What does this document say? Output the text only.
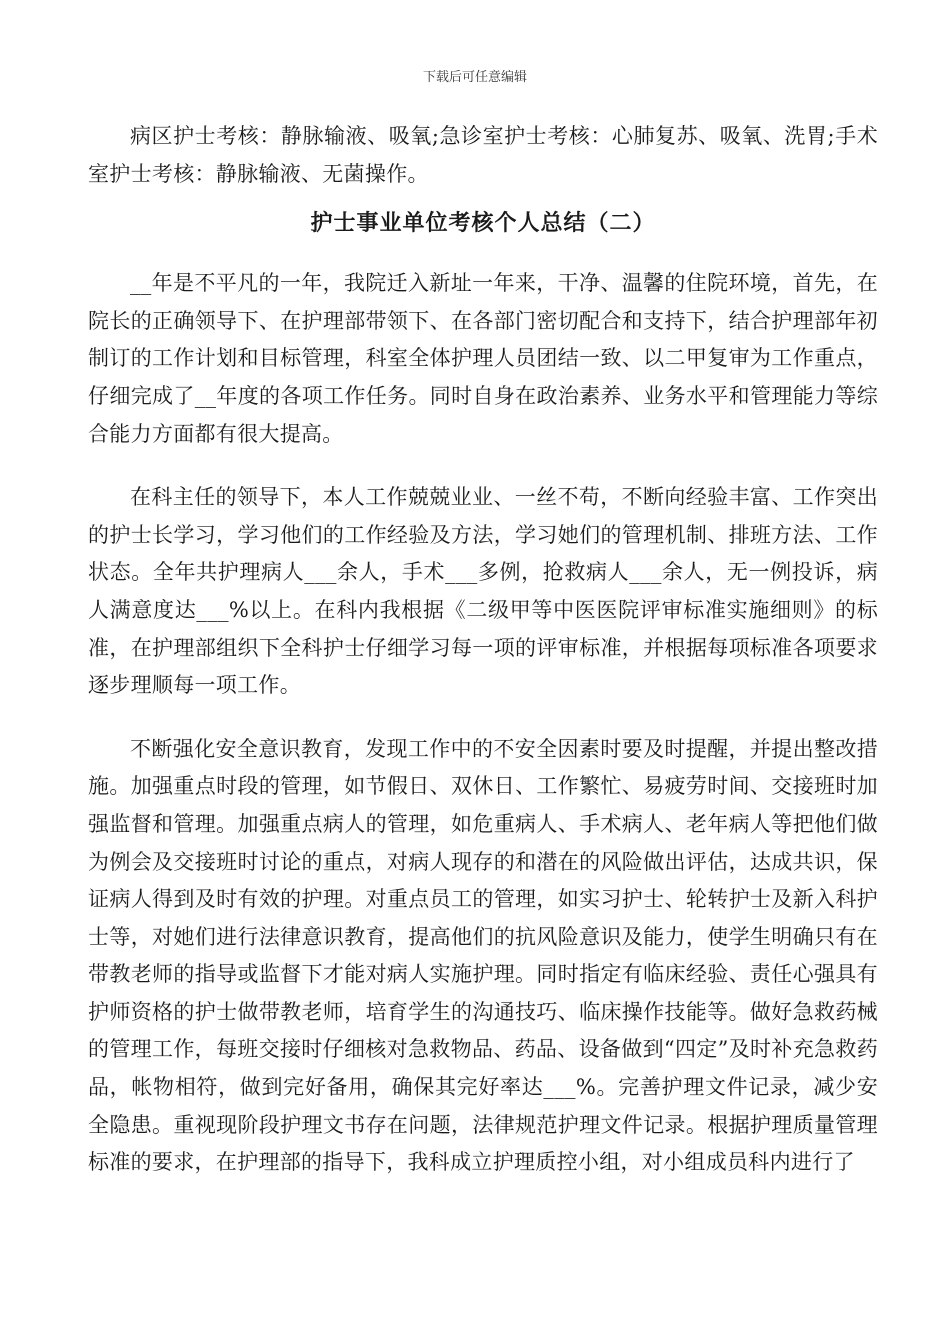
下载后可任意编辑

病区护士考核：静脉输液、吸氧;急诊室护士考核：心肺复苏、吸氧、洗胃;手术室护士考核：静脉输液、无菌操作。

护士事业单位考核个人总结（二）

__年是不平凡的一年，我院迁入新址一年来，干净、温馨的住院环境，首先，在院长的正确领导下、在护理部带领下、在各部门密切配合和支持下，结合护理部年初制订的工作计划和目标管理，科室全体护理人员团结一致、以二甲复审为工作重点，仔细完成了__年度的各项工作任务。同时自身在政治素养、业务水平和管理能力等综合能力方面都有很大提高。

在科主任的领导下，本人工作兢兢业业、一丝不苟，不断向经验丰富、工作突出的护士长学习，学习他们的工作经验及方法，学习她们的管理机制、排班方法、工作状态。全年共护理病人___余人，手术___多例，抢救病人___余人，无一例投诉，病人满意度达___%以上。在科内我根据《二级甲等中医医院评审标准实施细则》的标准，在护理部组织下全科护士仔细学习每一项的评审标准，并根据每项标准各项要求逐步理顺每一项工作。

不断强化安全意识教育，发现工作中的不安全因素时要及时提醒，并提出整改措施。加强重点时段的管理，如节假日、双休日、工作繁忙、易疲劳时间、交接班时加强监督和管理。加强重点病人的管理，如危重病人、手术病人、老年病人等把他们做为例会及交接班时讨论的重点，对病人现存的和潜在的风险做出评估，达成共识，保证病人得到及时有效的护理。对重点员工的管理，如实习护士、轮转护士及新入科护士等，对她们进行法律意识教育，提高他们的抗风险意识及能力，使学生明确只有在带教老师的指导或监督下才能对病人实施护理。同时指定有临床经验、责任心强具有护师资格的护士做带教老师，培育学生的沟通技巧、临床操作技能等。做好急救药械的管理工作，每班交接时仔细核对急救物品、药品、设备做到“四定”及时补充急救药品，帐物相符，做到完好备用，确保其完好率达___%。完善护理文件记录，减少安全隐患。重视现阶段护理文书存在问题，法律规范护理文件记录。根据护理质量管理标准的要求，在护理部的指导下，我科成立护理质控小组，对小组成员科内进行了
